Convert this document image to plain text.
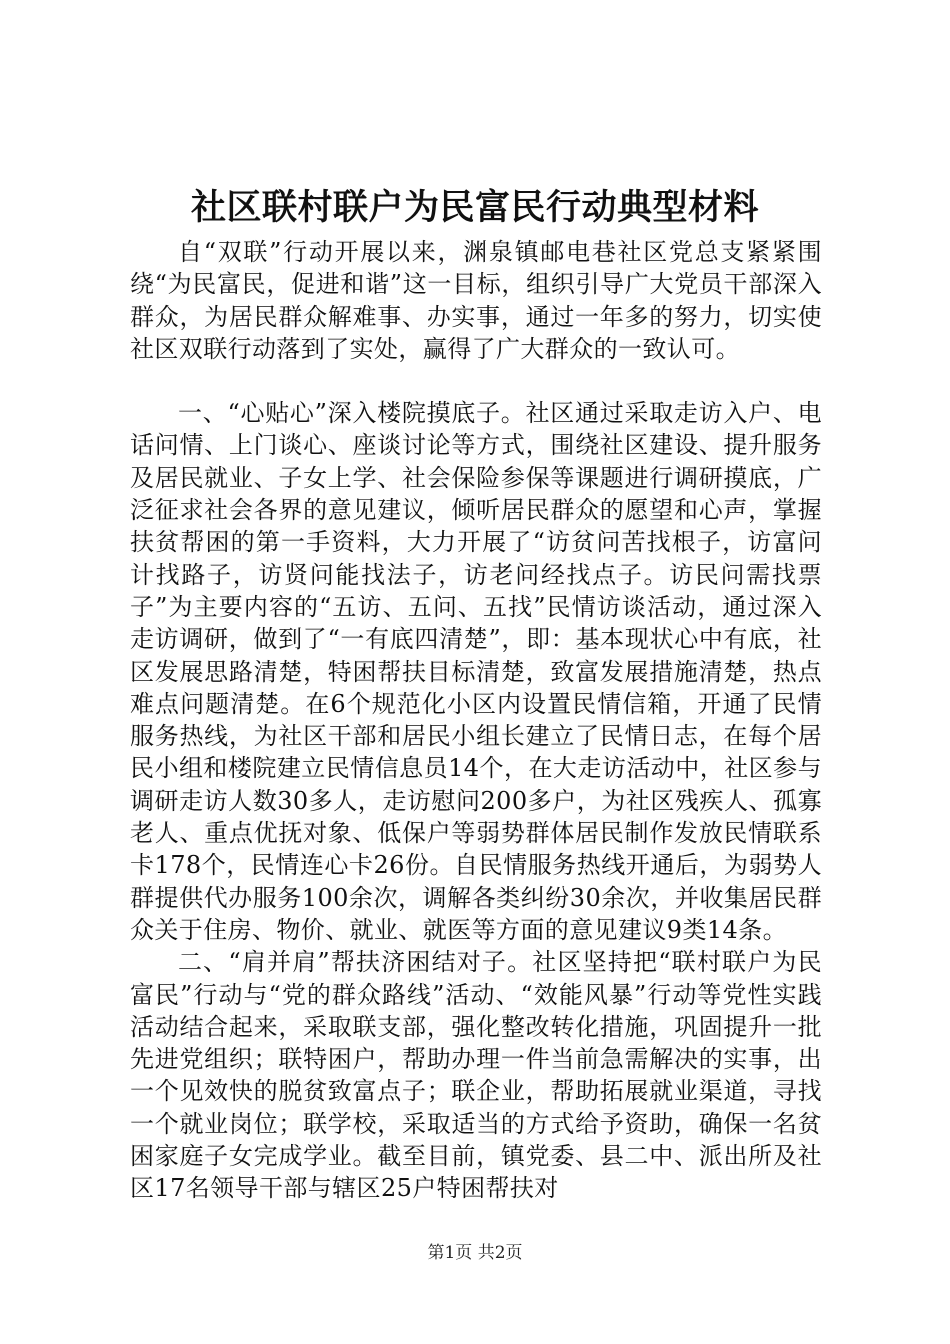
社区联村联户为民富民行动典型材料

自“双联”行动开展以来，渊泉镇邮电巷社区党总支紧紧围绕“为民富民，促进和谐”这一目标，组织引导广大党员干部深入群众，为居民群众解难事、办实事，通过一年多的努力，切实使社区双联行动落到了实处，赢得了广大群众的一致认可。

一、“心贴心”深入楼院摸底子。社区通过采取走访入户、电话问情、上门谈心、座谈讨论等方式，围绕社区建设、提升服务及居民就业、子女上学、社会保险参保等课题进行调研摸底，广泛征求社会各界的意见建议，倾听居民群众的愿望和心声，掌握扶贫帮困的第一手资料，大力开展了“访贫问苦找根子，访富问计找路子，访贤问能找法子，访老问经找点子。访民问需找票子”为主要内容的“五访、五问、五找”民情访谈活动，通过深入走访调研，做到了“一有底四清楚”，即：基本现状心中有底，社区发展思路清楚，特困帮扶目标清楚，致富发展措施清楚，热点难点问题清楚。在6个规范化小区内设置民情信箱，开通了民情服务热线，为社区干部和居民小组长建立了民情日志，在每个居民小组和楼院建立民情信息员14个，在大走访活动中，社区参与调研走访人数30多人，走访慰问200多户，为社区残疾人、孤寡老人、重点优抚对象、低保户等弱势群体居民制作发放民情联系卡178个，民情连心卡26份。自民情服务热线开通后，为弱势人群提供代办服务100余次，调解各类纠纷30余次，并收集居民群众关于住房、物价、就业、就医等方面的意见建议9类14条。

二、“肩并肩”帮扶济困结对子。社区坚持把“联村联户为民富民”行动与“党的群众路线”活动、“效能风暴”行动等党性实践活动结合起来，采取联支部，强化整改转化措施，巩固提升一批先进党组织；联特困户，帮助办理一件当前急需解决的实事，出一个见效快的脱贫致富点子；联企业，帮助拓展就业渠道，寻找一个就业岗位；联学校，采取适当的方式给予资助，确保一名贫困家庭子女完成学业。截至目前，镇党委、县二中、派出所及社区17名领导干部与辖区25户特困帮扶对

第1页 共2页
